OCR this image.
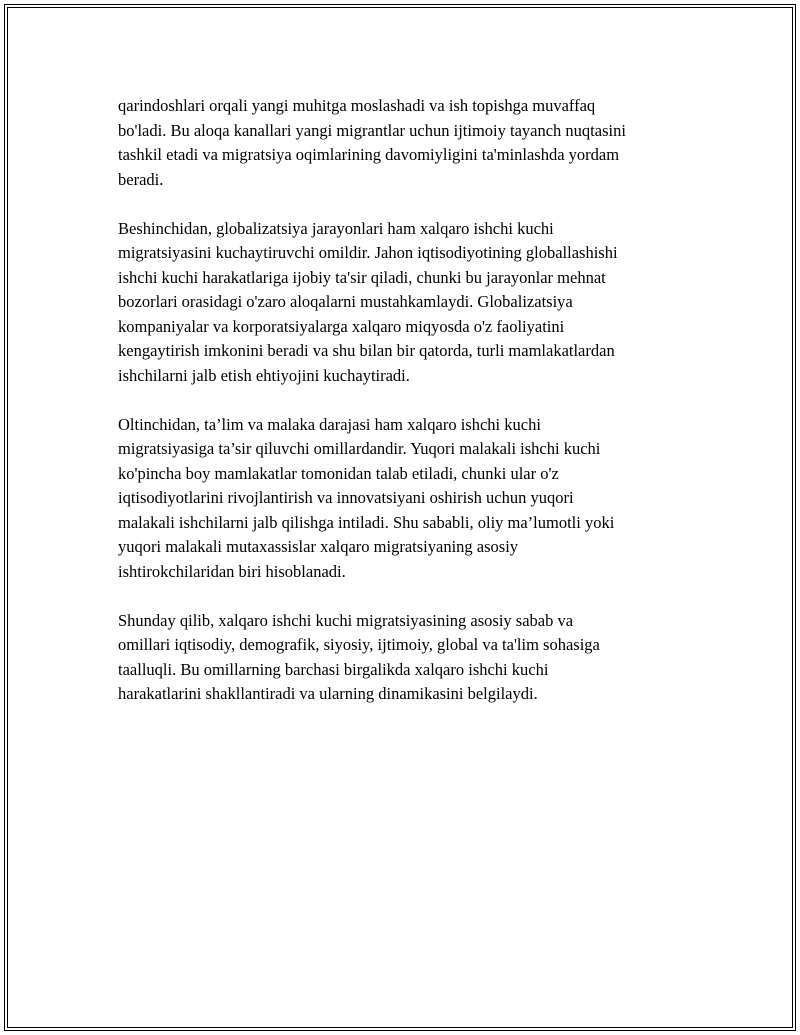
qarindoshlari orqali yangi muhitga moslashadi va ish topishga muvaffaq
bo'ladi. Bu aloqa kanallari yangi migrantlar uchun ijtimoiy tayanch nuqtasini
tashkil etadi va migratsiya oqimlarining davomiyligini ta'minlashda yordam
beradi.
Beshinchidan, globalizatsiya jarayonlari ham xalqaro ishchi kuchi
migratsiyasini kuchaytiruvchi omildir. Jahon iqtisodiyotining globallashishi
ishchi kuchi harakatlariga ijobiy ta'sir qiladi, chunki bu jarayonlar mehnat
bozorlari orasidagi o'zaro aloqalarni mustahkamlaydi. Globalizatsiya
kompaniyalar va korporatsiyalarga xalqaro miqyosda o'z faoliyatini
kengaytirish imkonini beradi va shu bilan bir qatorda, turli mamlakatlardan
ishchilarni jalb etish ehtiyojini kuchaytiradi.
Oltinchidan, ta’lim va malaka darajasi ham xalqaro ishchi kuchi
migratsiyasiga ta’sir qiluvchi omillardandir. Yuqori malakali ishchi kuchi
ko'pincha boy mamlakatlar tomonidan talab etiladi, chunki ular o'z
iqtisodiyotlarini rivojlantirish va innovatsiyani oshirish uchun yuqori
malakali ishchilarni jalb qilishga intiladi. Shu sababli, oliy ma’lumotli yoki
yuqori malakali mutaxassislar xalqaro migratsiyaning asosiy
ishtirokchilaridan biri hisoblanadi.
Shunday qilib, xalqaro ishchi kuchi migratsiyasining asosiy sabab va
omillari iqtisodiy, demografik, siyosiy, ijtimoiy, global va ta'lim sohasiga
taalluqli. Bu omillarning barchasi birgalikda xalqaro ishchi kuchi
harakatlarini shakllantiradi va ularning dinamikasini belgilaydi.
